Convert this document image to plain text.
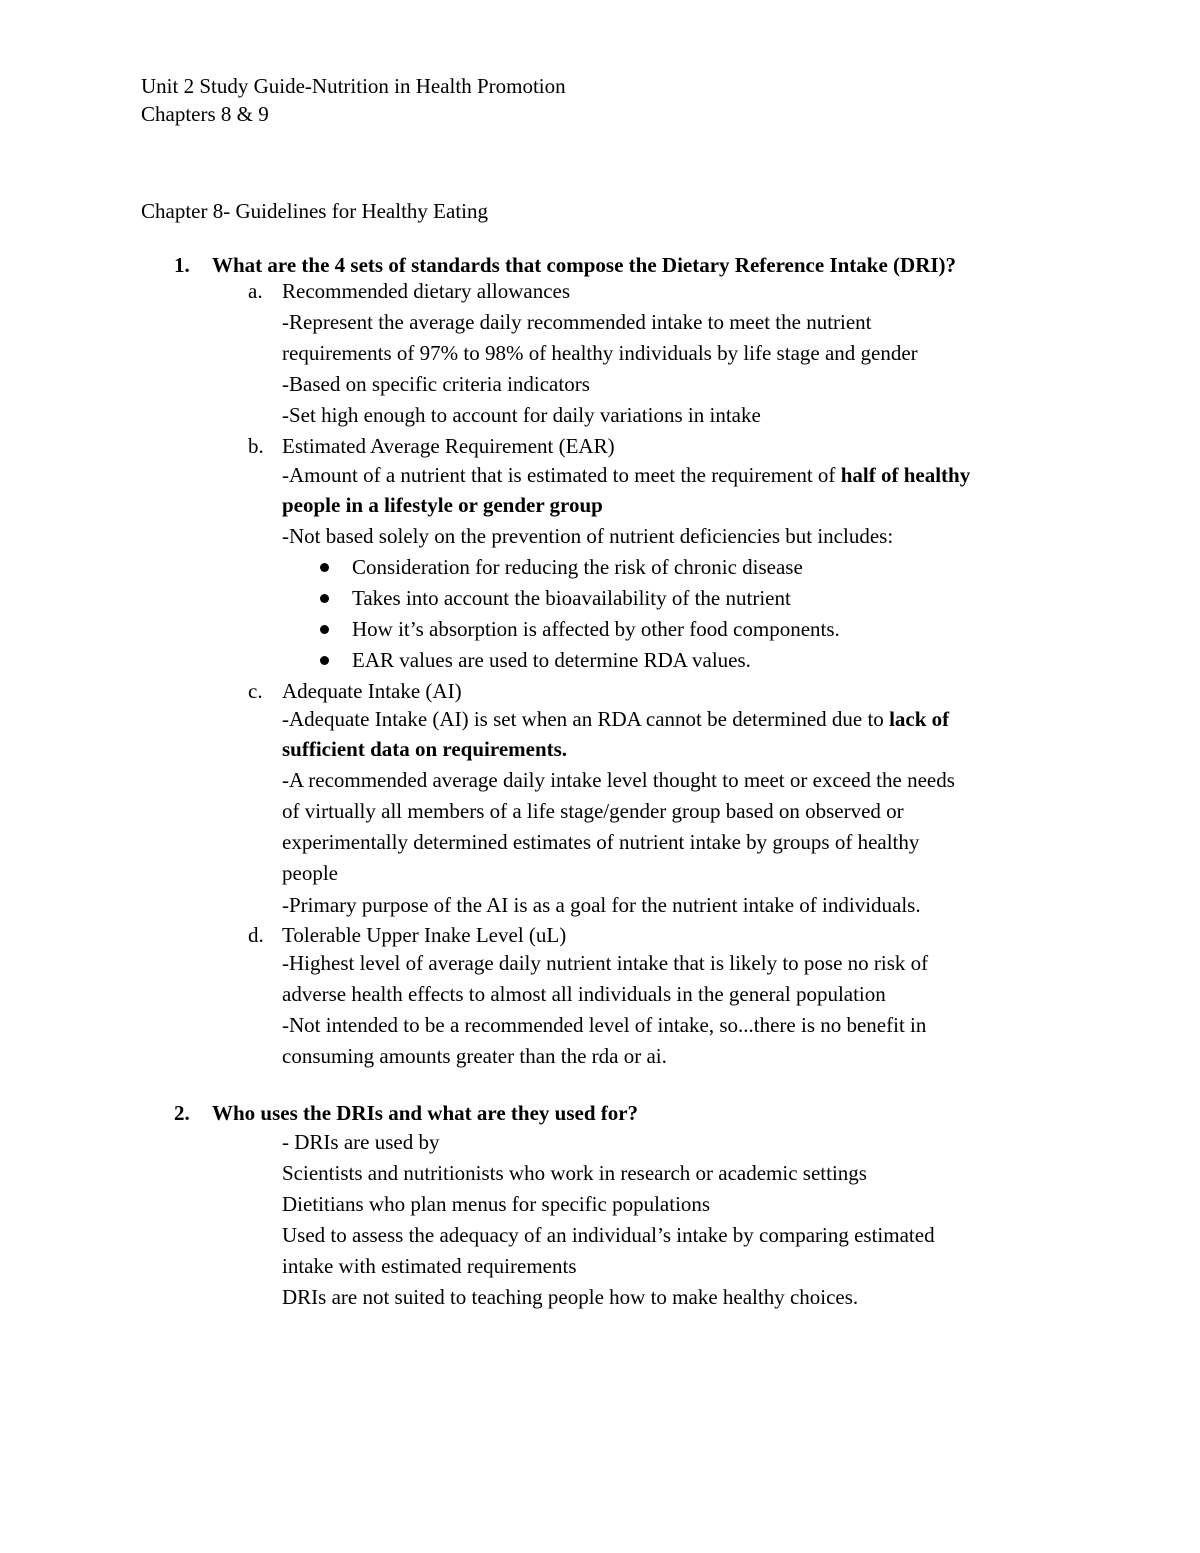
Unit 2 Study Guide-Nutrition in Health Promotion
Chapters 8 & 9
Chapter 8- Guidelines for Healthy Eating
1. What are the 4 sets of standards that compose the Dietary Reference Intake (DRI)?
a. Recommended dietary allowances
-Represent the average daily recommended intake to meet the nutrient
requirements of 97% to 98% of healthy individuals by life stage and gender
-Based on specific criteria indicators
-Set high enough to account for daily variations in intake
b. Estimated Average Requirement (EAR)
-Amount of a nutrient that is estimated to meet the requirement of half of healthy
people in a lifestyle or gender group
-Not based solely on the prevention of nutrient deficiencies but includes:
Consideration for reducing the risk of chronic disease
Takes into account the bioavailability of the nutrient
How it’s absorption is affected by other food components.
EAR values are used to determine RDA values.
c. Adequate Intake (AI)
-Adequate Intake (AI) is set when an RDA cannot be determined due to lack of
sufficient data on requirements.
-A recommended average daily intake level thought to meet or exceed the needs
of virtually all members of a life stage/gender group based on observed or
experimentally determined estimates of nutrient intake by groups of healthy
people
-Primary purpose of the AI is as a goal for the nutrient intake of individuals.
d. Tolerable Upper Inake Level (uL)
-Highest level of average daily nutrient intake that is likely to pose no risk of
adverse health effects to almost all individuals in the general population
-Not intended to be a recommended level of intake, so...there is no benefit in
consuming amounts greater than the rda or ai.
2. Who uses the DRIs and what are they used for?
- DRIs are used by
Scientists and nutritionists who work in research or academic settings
Dietitians who plan menus for specific populations
Used to assess the adequacy of an individual’s intake by comparing estimated
intake with estimated requirements
DRIs are not suited to teaching people how to make healthy choices.
